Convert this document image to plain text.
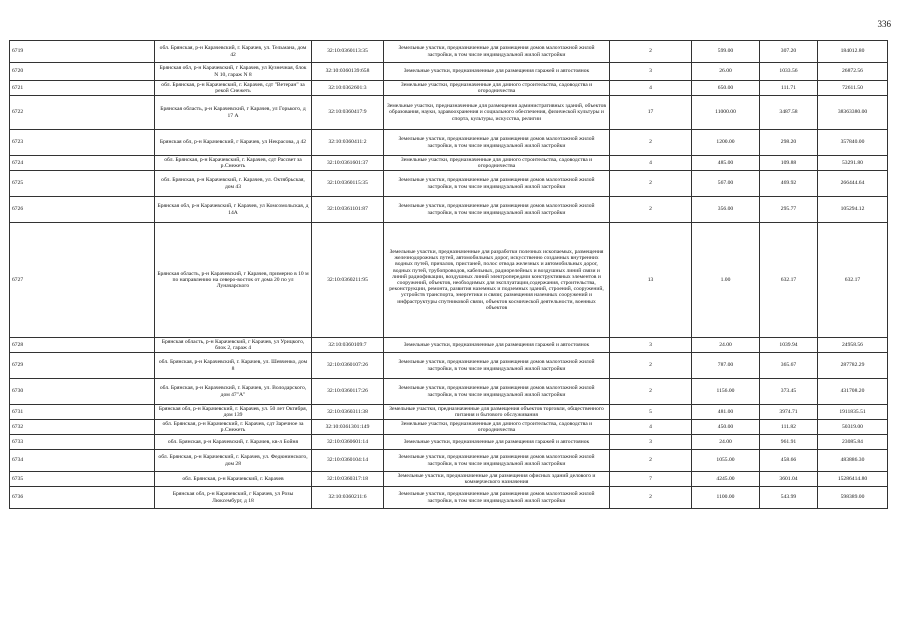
336
6719	обл. Брянская, р-н Карачевский, г. Карачев, ул. Тельмана, дом 42	32:10:0360113:35	Земельные участки, предназначенные для размещения домов малоэтажной жилой застройки, в том числе индивидуальной жилой застройки	2	599.00	307.20	184012.80
6720	Брянская обл, р-н Карачевский, г Карачев, ул Кузнечная, блок N 10, гараж N 8	32:10:0360139:658	Земельные участки, предназначенные для размещения гаражей и автостоянок	3	26.00	1033.56	26872.56
6721	обл. Брянская, р-н Карачевский, г. Карачев, сдт "Ветеран" за рекой Снежеть	32:10:0362601:3	Земельные участки, предназначенные для дачного строительства, садоводства и огородничества	4	650.00	111.71	72611.50
6722	Брянская область, р-н Карачевский, г Карачев, ул Горького, д 17 А	32:10:0360417:9	Земельные участки, предназначенные для размещения административных зданий, объектов образования, науки, здравоохранения и социального обеспечения, физической культуры и спорта, культуры, искусства, религии	17	11000.00	3487.58	38363380.00
6723	Брянская обл, р-н Карачевский, г Карачев, ул Некрасова, д 42	32:10:0360411:2	Земельные участки, предназначенные для размещения домов малоэтажной жилой застройки, в том числе индивидуальной жилой застройки	2	1200.00	298.20	357840.00
6724	обл. Брянская, р-н Карачевский, г. Карачев, сдт Рассвет за р.Снежеть	32:10:0361601:37	Земельные участки, предназначенные для дачного строительства, садоводства и огородничества	4	485.00	109.88	53291.80
6725	обл. Брянская, р-н Карачевский, г. Карачев, ул. Октябрьская, дом 43	32:10:0360115:35	Земельные участки, предназначенные для размещения домов малоэтажной жилой застройки, в том числе индивидуальной жилой застройки	2	567.00	469.92	266444.64
6726	Брянская обл, р-н Карачевский, г Карачев, ул Комсомольская, д 14А	32:10:0361101:87	Земельные участки, предназначенные для размещения домов малоэтажной жилой застройки, в том числе индивидуальной жилой застройки	2	356.00	295.77	105294.12
6727	Брянская область, р-н Карачевский, г Карачев, примерно в 10 м по направлению на северо-восток от дома 20 по ул Луначарского	32:10:0360211:95	Земельные участки, предназначенные для разработки полезных ископаемых, размещения железнодорожных путей, автомобильных дорог, искусственно созданных внутренних водных путей, причалов, пристаней, полос отвода железных и автомобильных дорог, водных путей, трубопроводов, кабельных, радиорелейных и воздушных линий связи и линий радиофикации, воздушных линий электропередачи конструктивных элементов и сооружений, объектов, необходимых для эксплуатации,содержания, строительства, реконструкции, ремонта, развития наземных и подземных зданий, строений, сооружений, устройств транспорта, энергетики и связи; размещения наземных сооружений и инфраструктуры спутниковой связи, объектов космической деятельности, военных объектов	13	1.00	632.17	632.17
6728	Брянская область, р-н Карачевский, г Карачев, ул Урицкого, блок 2, гараж 4	32:10:0360109:7	Земельные участки, предназначенные для размещения гаражей и автостоянок	3	24.00	1039.94	24958.56
6729	обл. Брянская, р-н Карачевский, г. Карачев, ул. Шевченко, дом 8	32:10:0360107:26	Земельные участки, предназначенные для размещения домов малоэтажной жилой застройки, в том числе индивидуальной жилой застройки	2	787.00	365.67	287782.29
6730	обл. Брянская, р-н Карачевский, г. Карачев, ул. Володарского, дом 47"А"	32:10:0360117:26	Земельные участки, предназначенные для размещения домов малоэтажной жилой застройки, в том числе индивидуальной жилой застройки	2	1156.00	373.45	431708.20
6731	Брянская обл, р-н Карачевский, г. Карачев, ул. 50 лет Октября, дом 139	32:10:0360311:38	Земельные участки, предназначенные для размещения объектов торговли, общественного питания и бытового обслуживания	5	481.00	3974.71	1911835.51
6732	обл. Брянская, р-н Карачевский, г. Карачев, сдт Заречное за р.Снежеть	32:10:0361301:149	Земельные участки, предназначенные для дачного строительства, садоводства и огородничества	4	450.00	111.82	50319.00
6733	обл. Брянская, р-н Карачевский, г. Карачев, кв-л Бойня	32:10:0360601:14	Земельные участки, предназначенные для размещения гаражей и автостоянок	3	24.00	961.91	23085.84
6734	обл. Брянская, р-н Карачевский, г. Карачев, ул. Федюнинского, дом 28	32:10:0360104:14	Земельные участки, предназначенные для размещения домов малоэтажной жилой застройки, в том числе индивидуальной жилой застройки	2	1055.00	458.66	483886.30
6735	обл. Брянская, р-н Карачевский, г. Карачев	32:10:0360317:18	Земельные участки, предназначенные для размещения офисных зданий делового и коммерческого назначения	7	4245.00	3601.04	15286414.80
6736	Брянская обл, р-н Карачевский, г Карачев, ул Розы Люксембург, д 18	32:10:0360211:6	Земельные участки, предназначенные для размещения домов малоэтажной жилой застройки, в том числе индивидуальной жилой застройки	2	1100.00	543.99	598389.00
